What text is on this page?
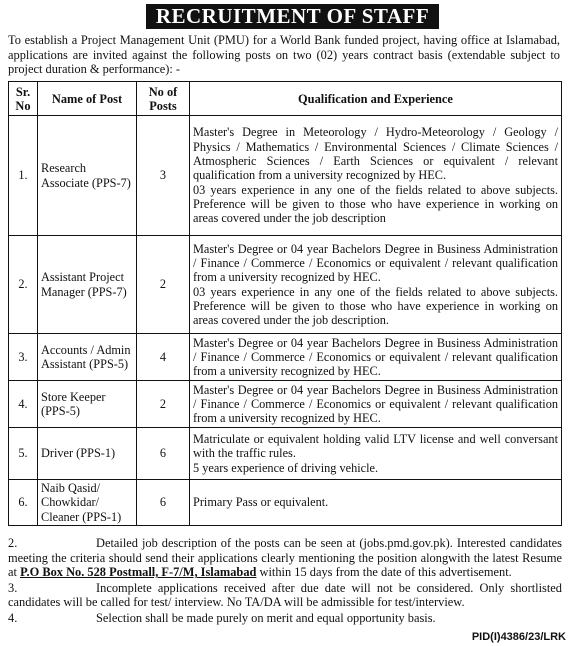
RECRUITMENT OF STAFF
To establish a Project Management Unit (PMU) for a World Bank funded project, having office at Islamabad, applications are invited against the following posts on two (02) years contract basis (extendable subject to project duration & performance): -
Sr. No	Name of Post	No of Posts	Qualification and Experience
1.	Research Associate (PPS-7)	3	Master's Degree in Meteorology / Hydro-Meteorology / Geology / Physics / Mathematics / Environmental Sciences / Climate Sciences / Atmospheric Sciences / Earth Sciences or equivalent / relevant qualification from a university recognized by HEC.
03 years experience in any one of the fields related to above subjects. Preference will be given to those who have experience in working on areas covered under the job description

2.	Assistant Project Manager (PPS-7)	2	Master's Degree or 04 year Bachelors Degree in Business Administration / Finance / Commerce / Economics or equivalent / relevant qualification from a university recognized by HEC.
03 years experience in any one of the fields related to above subjects. Preference will be given to those who have experience in working on areas covered under the job description.

3.	Accounts / Admin Assistant (PPS-5)	4	Master's Degree or 04 year Bachelors Degree in Business Administration / Finance / Commerce / Economics or equivalent / relevant qualification from a university recognized by HEC.

4.	Store Keeper (PPS-5)	2	Master's Degree or 04 year Bachelors Degree in Business Administration / Finance / Commerce / Economics or equivalent / relevant qualification from a university recognized by HEC.

5.	Driver (PPS-1)	6	Matriculate or equivalent holding valid LTV license and well conversant with the traffic rules.
5 years experience of driving vehicle.

6.	Naib Qasid/ Chowkidar/ Cleaner (PPS-1)	6	Primary Pass or equivalent.

2.	Detailed job description of the posts can be seen at (jobs.pmd.gov.pk). Interested candidates meeting the criteria should send their applications clearly mentioning the position alongwith the latest Resume at P.O Box No. 528 Postmall, F-7/M, Islamabad within 15 days from the date of this advertisement.

3.	Incomplete applications received after due date will not be considered. Only shortlisted candidates will be called for test/ interview. No TA/DA will be admissible for test/interview.

4.	Selection shall be made purely on merit and equal opportunity basis.

PID(I)4386/23/LRK
